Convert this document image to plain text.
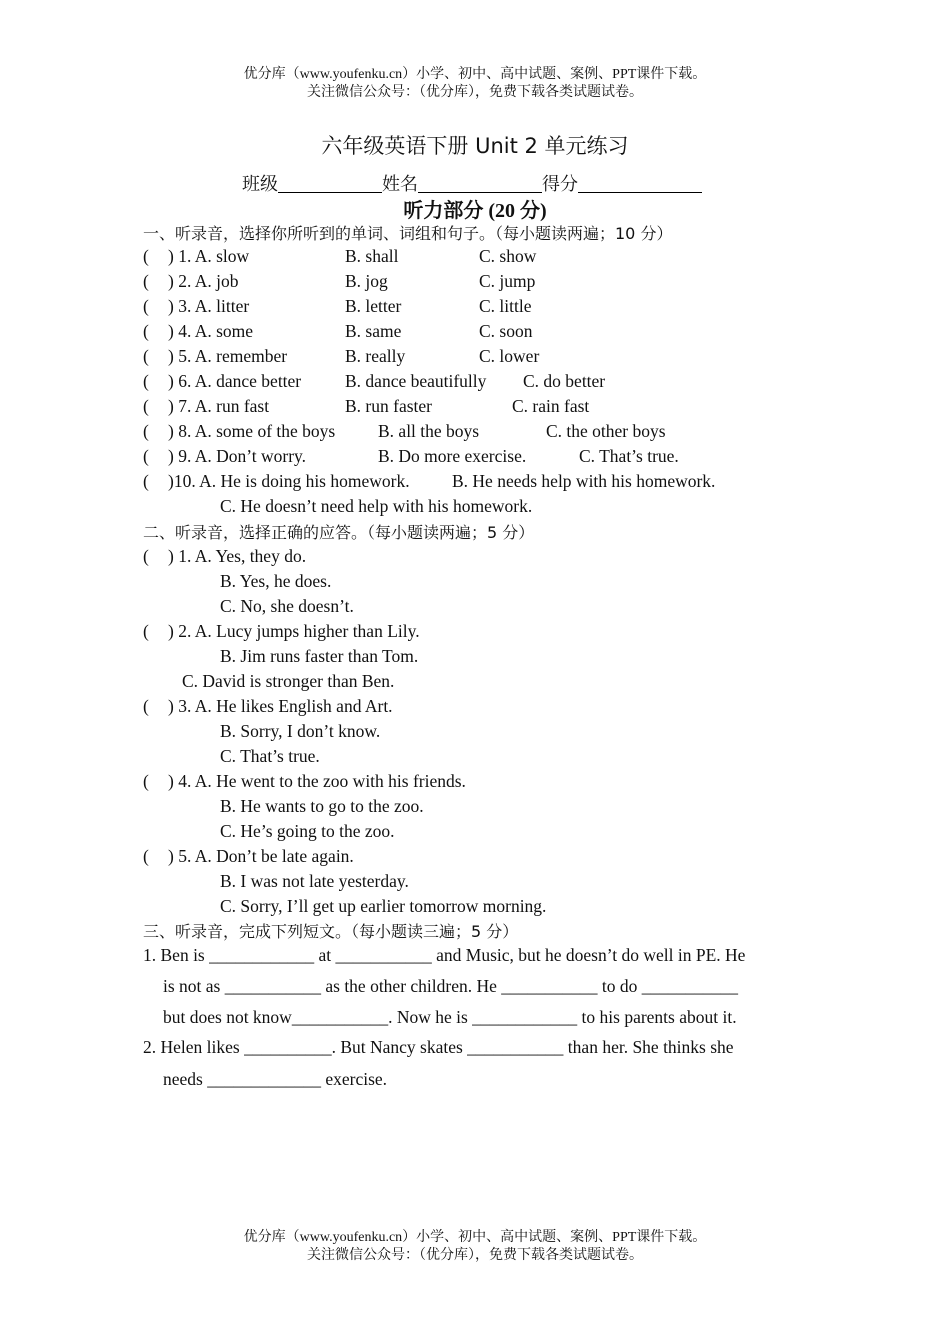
优分库（www.youfenku.cn）小学、初中、高中试题、案例、PPT课件下载。
关注微信公众号：（优分库），免费下载各类试题试卷。
六年级英语下册 Unit 2 单元练习
班级	姓名	得分
听力部分 (20 分)
一、听录音，选择你所听到的单词、词组和句子。（每小题读两遍；10 分）
( ) 1. A. slow	B. shall	C. show
( ) 2. A. job	B. jog	C. jump
( ) 3. A. litter	B. letter	C. little
( ) 4. A. some	B. same	C. soon
( ) 5. A. remember	B. really	C. lower
( ) 6. A. dance better	B. dance beautifully C. do better
( ) 7. A. run fast	B. run faster	C. rain fast
( ) 8. A. some of the boys B. all the boys	C. the other boys
( ) 9. A. Don’t worry.	B. Do more exercise.	C. That’s true.
( )10. A. He is doing his homework. B. He needs help with his homework.
C. He doesn’t need help with his homework.
二、听录音，选择正确的应答。（每小题读两遍；5 分）
( ) 1. A. Yes, they do.
B. Yes, he does.
C. No, she doesn’t.
( ) 2. A. Lucy jumps higher than Lily.
B. Jim runs faster than Tom.
C. David is stronger than Ben.
( ) 3. A. He likes English and Art.
B. Sorry, I don’t know.
C. That’s true.
( ) 4. A. He went to the zoo with his friends.
B. He wants to go to the zoo.
C. He’s going to the zoo.
( ) 5. A. Don’t be late again.
B. I was not late yesterday.
C. Sorry, I’ll get up earlier tomorrow morning.
三、听录音，完成下列短文。（每小题读三遍；5 分）
1. Ben is ____________ at ___________ and Music, but he doesn’t do well in PE. He
is not as ___________ as the other children. He ___________ to do ___________
but does not know___________. Now he is ____________ to his parents about it.
2. Helen likes __________. But Nancy skates ___________ than her. She thinks she
needs _____________ exercise.
优分库（www.youfenku.cn）小学、初中、高中试题、案例、PPT课件下载。
关注微信公众号：（优分库），免费下载各类试题试卷。
